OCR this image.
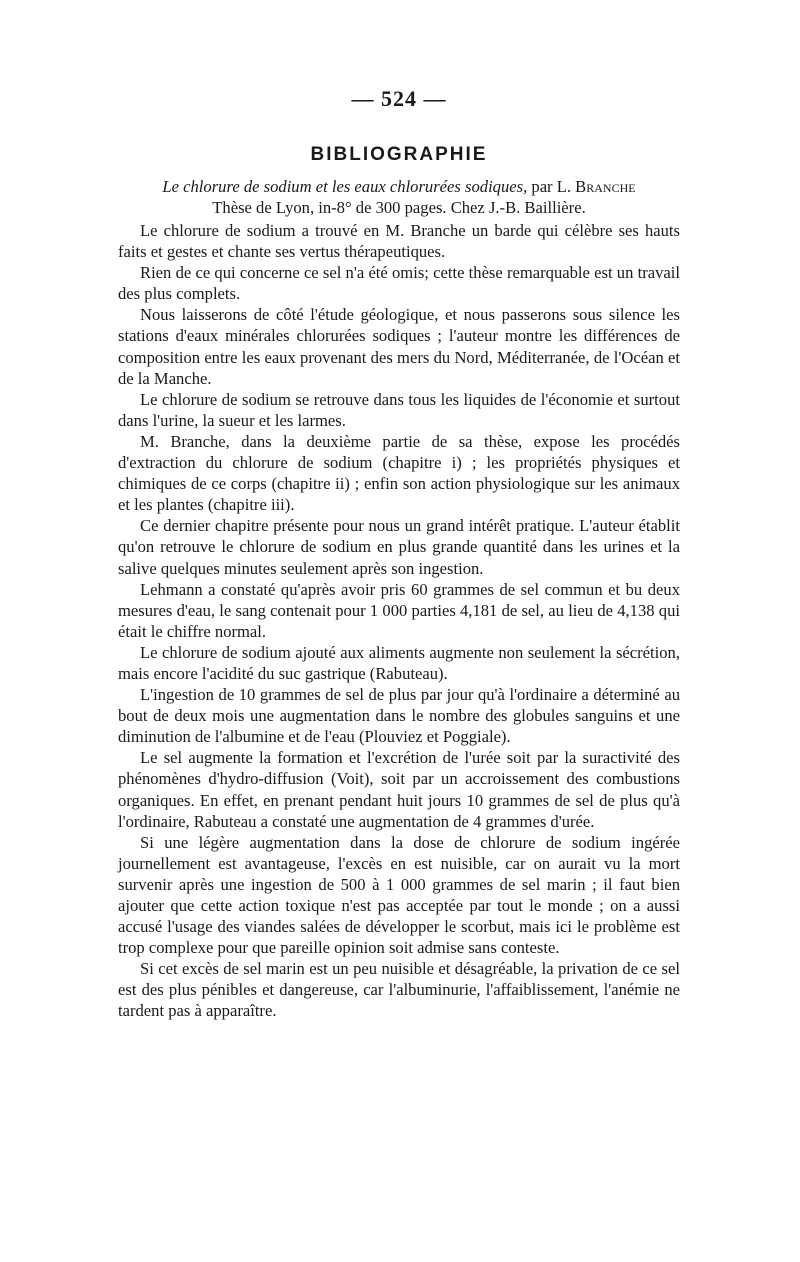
— 524 —
BIBLIOGRAPHIE
Le chlorure de sodium et les eaux chlorurées sodiques, par L. Branche
Thèse de Lyon, in-8° de 300 pages. Chez J.-B. Baillière.

Le chlorure de sodium a trouvé en M. Branche un barde qui célèbre ses hauts faits et gestes et chante ses vertus thérapeutiques.

Rien de ce qui concerne ce sel n'a été omis; cette thèse remarquable est un travail des plus complets.

Nous laisserons de côté l'étude géologique, et nous passerons sous silence les stations d'eaux minérales chlorurées sodiques ; l'auteur montre les différences de composition entre les eaux provenant des mers du Nord, Méditerranée, de l'Océan et de la Manche.

Le chlorure de sodium se retrouve dans tous les liquides de l'économie et surtout dans l'urine, la sueur et les larmes.

M. Branche, dans la deuxième partie de sa thèse, expose les procédés d'extraction du chlorure de sodium (chapitre i) ; les propriétés physiques et chimiques de ce corps (chapitre ii) ; enfin son action physiologique sur les animaux et les plantes (chapitre iii).

Ce dernier chapitre présente pour nous un grand intérêt pratique. L'auteur établit qu'on retrouve le chlorure de sodium en plus grande quantité dans les urines et la salive quelques minutes seulement après son ingestion.

Lehmann a constaté qu'après avoir pris 60 grammes de sel commun et bu deux mesures d'eau, le sang contenait pour 1 000 parties 4,181 de sel, au lieu de 4,138 qui était le chiffre normal.

Le chlorure de sodium ajouté aux aliments augmente non seulement la sécrétion, mais encore l'acidité du suc gastrique (Rabuteau).

L'ingestion de 10 grammes de sel de plus par jour qu'à l'ordinaire a déterminé au bout de deux mois une augmentation dans le nombre des globules sanguins et une diminution de l'albumine et de l'eau (Plouviez et Poggiale).

Le sel augmente la formation et l'excrétion de l'urée soit par la suractivité des phénomènes d'hydro-diffusion (Voit), soit par un accroissement des combustions organiques. En effet, en prenant pendant huit jours 10 grammes de sel de plus qu'à l'ordinaire, Rabuteau a constaté une augmentation de 4 grammes d'urée.

Si une légère augmentation dans la dose de chlorure de sodium ingérée journellement est avantageuse, l'excès en est nuisible, car on aurait vu la mort survenir après une ingestion de 500 à 1 000 grammes de sel marin ; il faut bien ajouter que cette action toxique n'est pas acceptée par tout le monde ; on a aussi accusé l'usage des viandes salées de développer le scorbut, mais ici le problème est trop complexe pour que pareille opinion soit admise sans conteste.

Si cet excès de sel marin est un peu nuisible et désagréable, la privation de ce sel est des plus pénibles et dangereuse, car l'albuminurie, l'affaiblissement, l'anémie ne tardent pas à apparaître.
